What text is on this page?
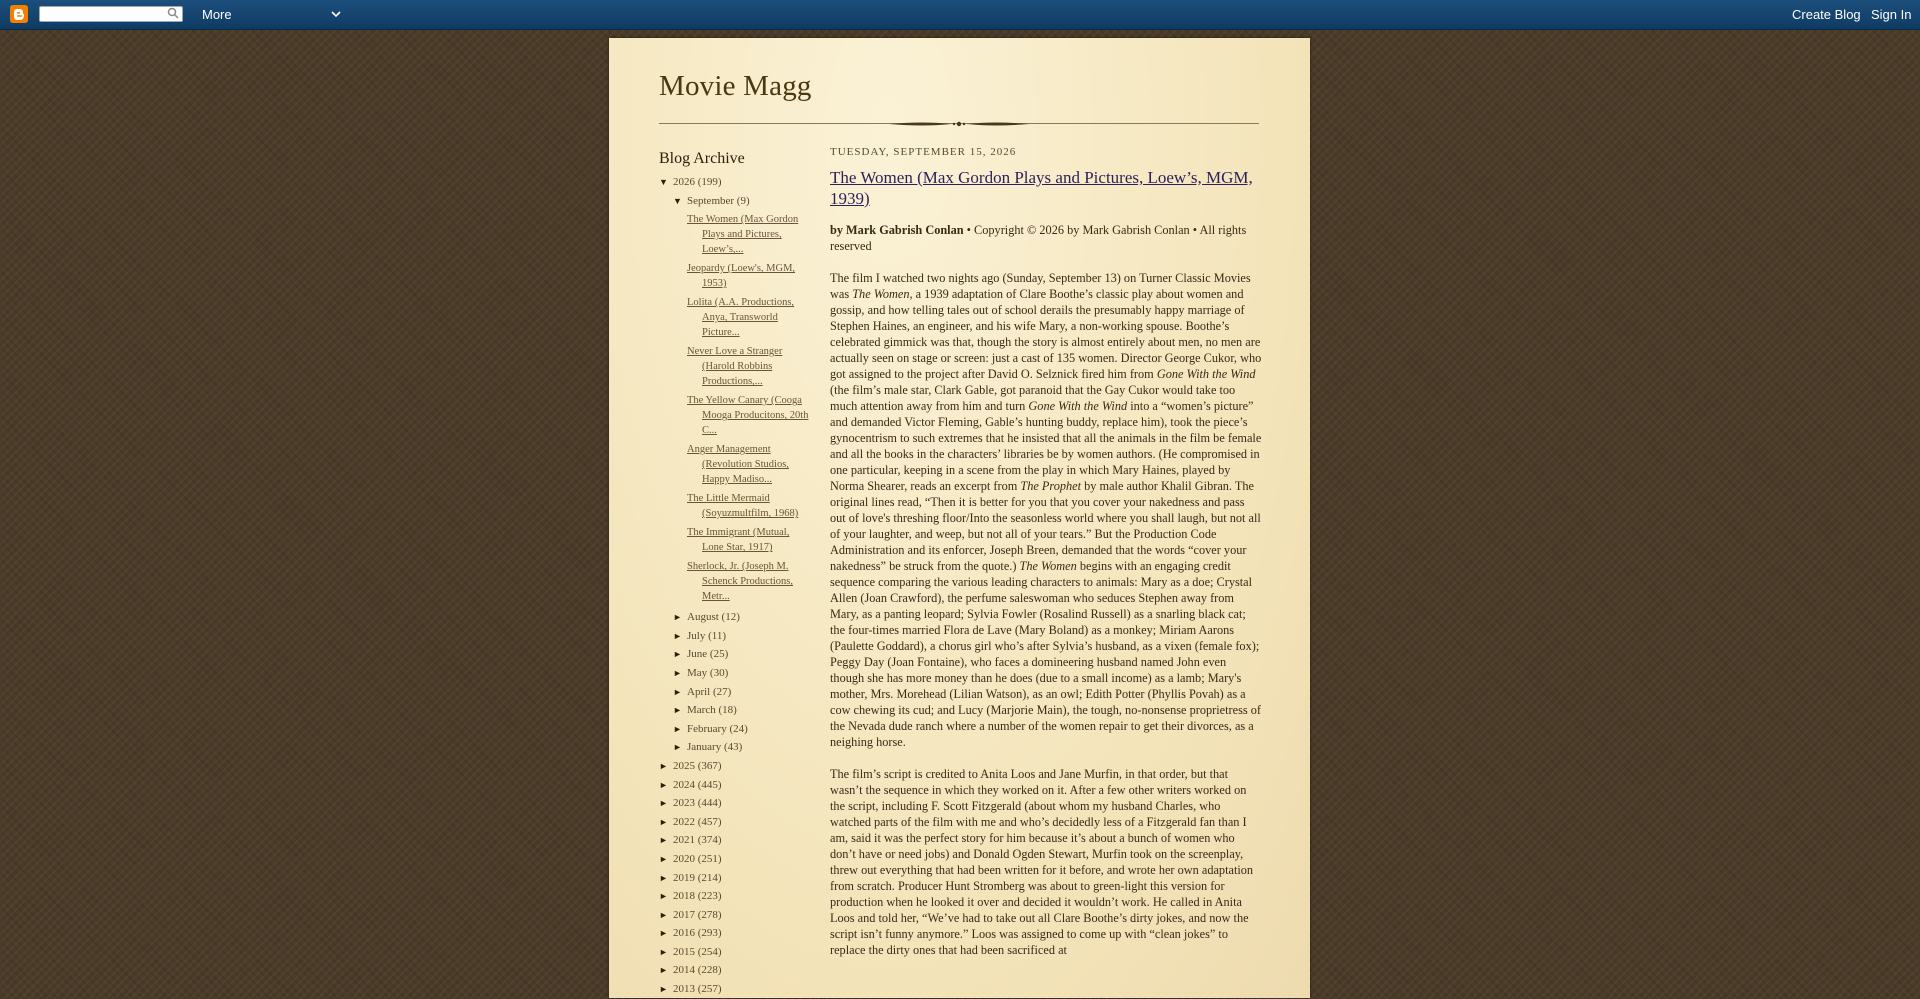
More	Create Blog Sign In
Movie Magg
Blog Archive
▼ 2026 (199)
▼ September (9)
The Women (Max Gordon Plays and Pictures, Loew’s,...
Jeopardy (Loew's, MGM, 1953)
Lolita (A.A. Productions, Anya, Transworld Picture...
Never Love a Stranger (Harold Robbins Productions,...
The Yellow Canary (Cooga Mooga Producitons, 20th C...
Anger Management (Revolution Studios, Happy Madiso...
The Little Mermaid (Soyuzmultfilm, 1968)
The Immigrant (Mutual, Lone Star, 1917)
Sherlock, Jr. (Joseph M. Schenck Productions, Metr...
► August (12)
► July (11)
► June (25)
► May (30)
► April (27)
► March (18)
► February (24)
► January (43)
► 2025 (367)
► 2024 (445)
► 2023 (444)
► 2022 (457)
► 2021 (374)
► 2020 (251)
► 2019 (214)
► 2018 (223)
► 2017 (278)
► 2016 (293)
► 2015 (254)
► 2014 (228)
► 2013 (257)
TUESDAY, SEPTEMBER 15, 2026
The Women (Max Gordon Plays and Pictures, Loew’s, MGM, 1939)

by Mark Gabrish Conlan • Copyright © 2026 by Mark Gabrish Conlan • All rights reserved

The film I watched two nights ago (Sunday, September 13) on Turner Classic Movies was The Women, a 1939 adaptation of Clare Boothe’s classic play about women and gossip, and how telling tales out of school derails the presumably happy marriage of Stephen Haines, an engineer, and his wife Mary, a non-working spouse. Boothe’s celebrated gimmick was that, though the story is almost entirely about men, no men are actually seen on stage or screen: just a cast of 135 women. Director George Cukor, who got assigned to the project after David O. Selznick fired him from Gone With the Wind (the film’s male star, Clark Gable, got paranoid that the Gay Cukor would take too much attention away from him and turn Gone With the Wind into a “women’s picture” and demanded Victor Fleming, Gable’s hunting buddy, replace him), took the piece’s gynocentrism to such extremes that he insisted that all the animals in the film be female and all the books in the characters’ libraries be by women authors. (He compromised in one particular, keeping in a scene from the play in which Mary Haines, played by Norma Shearer, reads an excerpt from The Prophet by male author Khalil Gibran. The original lines read, “Then it is better for you that you cover your nakedness and pass out of love's threshing floor/Into the seasonless world where you shall laugh, but not all of your laughter, and weep, but not all of your tears.” But the Production Code Administration and its enforcer, Joseph Breen, demanded that the words “cover your nakedness” be struck from the quote.) The Women begins with an engaging credit sequence comparing the various leading characters to animals: Mary as a doe; Crystal Allen (Joan Crawford), the perfume saleswoman who seduces Stephen away from Mary, as a panting leopard; Sylvia Fowler (Rosalind Russell) as a snarling black cat; the four-times married Flora de Lave (Mary Boland) as a monkey; Miriam Aarons (Paulette Goddard), a chorus girl who’s after Sylvia’s husband, as a vixen (female fox); Peggy Day (Joan Fontaine), who faces a domineering husband named John even though she has more money than he does (due to a small income) as a lamb; Mary's mother, Mrs. Morehead (Lilian Watson), as an owl; Edith Potter (Phyllis Povah) as a cow chewing its cud; and Lucy (Marjorie Main), the tough, no-nonsense proprietress of the Nevada dude ranch where a number of the women repair to get their divorces, as a neighing horse.

The film’s script is credited to Anita Loos and Jane Murfin, in that order, but that wasn’t the sequence in which they worked on it. After a few other writers worked on the script, including F. Scott Fitzgerald (about whom my husband Charles, who watched parts of the film with me and who’s decidedly less of a Fitzgerald fan than I am, said it was the perfect story for him because it’s about a bunch of women who don’t have or need jobs) and Donald Ogden Stewart, Murfin took on the screenplay, threw out everything that had been written for it before, and wrote her own adaptation from scratch. Producer Hunt Stromberg was about to green-light this version for production when he looked it over and decided it wouldn’t work. He called in Anita Loos and told her, “We’ve had to take out all Clare Boothe’s dirty jokes, and now the script isn’t funny anymore.” Loos was assigned to come up with “clean jokes” to replace the dirty ones that had been sacrificed at
